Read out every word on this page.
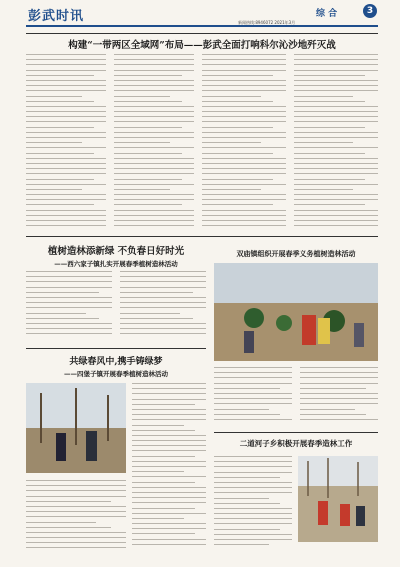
彭武时讯	综 合	3
新闻热线:8946072 2021年3月
构建“一带两区全域网”布局——彭武全面打响科尔沁沙地歼灭战
植树造林添新绿 不负春日好时光
——西六家子镇扎实开展春季植树造林活动
双庙镇组织开展春季义务植树造林活动
共绿春风中,携手铸绿梦
——四堡子镇开展春季植树造林活动
二道河子乡积极开展春季造林工作
